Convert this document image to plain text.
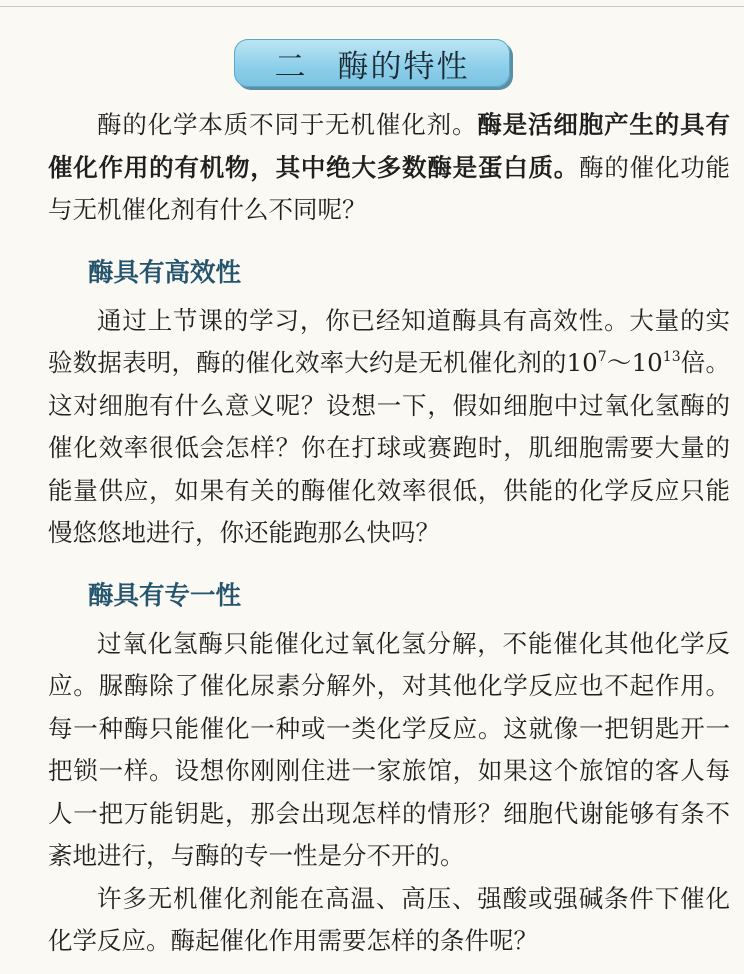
二 酶的特性

酶的化学本质不同于无机催化剂。酶是活细胞产生的具有催化作用的有机物，其中绝大多数酶是蛋白质。酶的催化功能与无机催化剂有什么不同呢？

酶具有高效性

通过上节课的学习，你已经知道酶具有高效性。大量的实验数据表明，酶的催化效率大约是无机催化剂的$10^7\sim 10^{13}$倍。这对细胞有什么意义呢？设想一下，假如细胞中过氧化氢酶的催化效率很低会怎样？你在打球或赛跑时，肌细胞需要大量的能量供应，如果有关的酶催化效率很低，供能的化学反应只能慢悠悠地进行，你还能跑那么快吗？

酶具有专一性

过氧化氢酶只能催化过氧化氢分解，不能催化其他化学反应。脲酶除了催化尿素分解外，对其他化学反应也不起作用。每一种酶只能催化一种或一类化学反应。这就像一把钥匙开一把锁一样。设想你刚刚住进一家旅馆，如果这个旅馆的客人每人一把万能钥匙，那会出现怎样的情形？细胞代谢能够有条不紊地进行，与酶的专一性是分不开的。

许多无机催化剂能在高温、高压、强酸或强碱条件下催化化学反应。酶起催化作用需要怎样的条件呢？
